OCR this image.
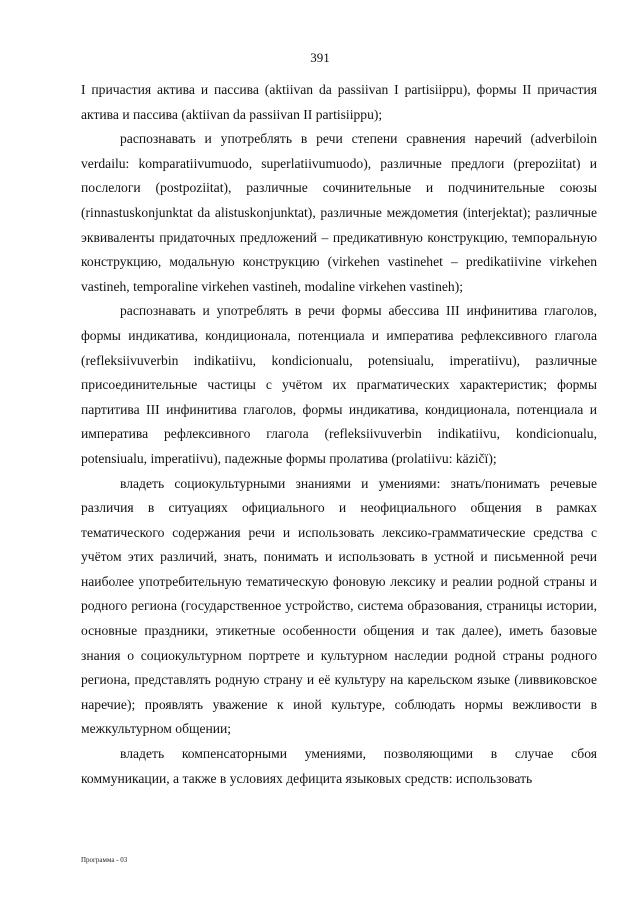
391

I причастия актива и пассива (aktiivan da passiivan I partisiippu), формы II причастия актива и пассива (aktiivan da passiivan II partisiippu);

распознавать и употреблять в речи степени сравнения наречий (adverbiloin verdailu: komparatiivumuodo, superlatiivumuodo), различные предлоги (prepoziitat) и послелоги (postpoziitat), различные сочинительные и подчинительные союзы (rinnastuskonjunktat da alistuskonjunktat), различные междометия (interjektat); различные эквиваленты придаточных предложений – предикативную конструкцию, темпоральную конструкцию, модальную конструкцию (virkehen vastinehet – predikatiivine virkehen vastineh, temporaline virkehen vastineh, modaline virkehen vastineh);

распознавать и употреблять в речи формы абессива III инфинитива глаголов, формы индикатива, кондиционала, потенциала и императива рефлексивного глагола (refleksiivuverbin indikatiivu, kondicionualu, potensiualu, imperatiivu), различные присоединительные частицы с учётом их прагматических характеристик; формы партитива III инфинитива глаголов, формы индикатива, кондиционала, потенциала и императива рефлексивного глагола (refleksiivuverbin indikatiivu, kondicionualu, potensiualu, imperatiivu), падежные формы пролатива (prolatiivu: käzičï);

владеть социокультурными знаниями и умениями: знать/понимать речевые различия в ситуациях официального и неофициального общения в рамках тематического содержания речи и использовать лексико-грамматические средства с учётом этих различий, знать, понимать и использовать в устной и письменной речи наиболее употребительную тематическую фоновую лексику и реалии родной страны и родного региона (государственное устройство, система образования, страницы истории, основные праздники, этикетные особенности общения и так далее), иметь базовые знания о социокультурном портрете и культурном наследии родной страны родного региона, представлять родную страну и её культуру на карельском языке (ливвиковское наречие); проявлять уважение к иной культуре, соблюдать нормы вежливости в межкультурном общении;

владеть компенсаторными умениями, позволяющими в случае сбоя коммуникации, а также в условиях дефицита языковых средств: использовать

Программа - 03
